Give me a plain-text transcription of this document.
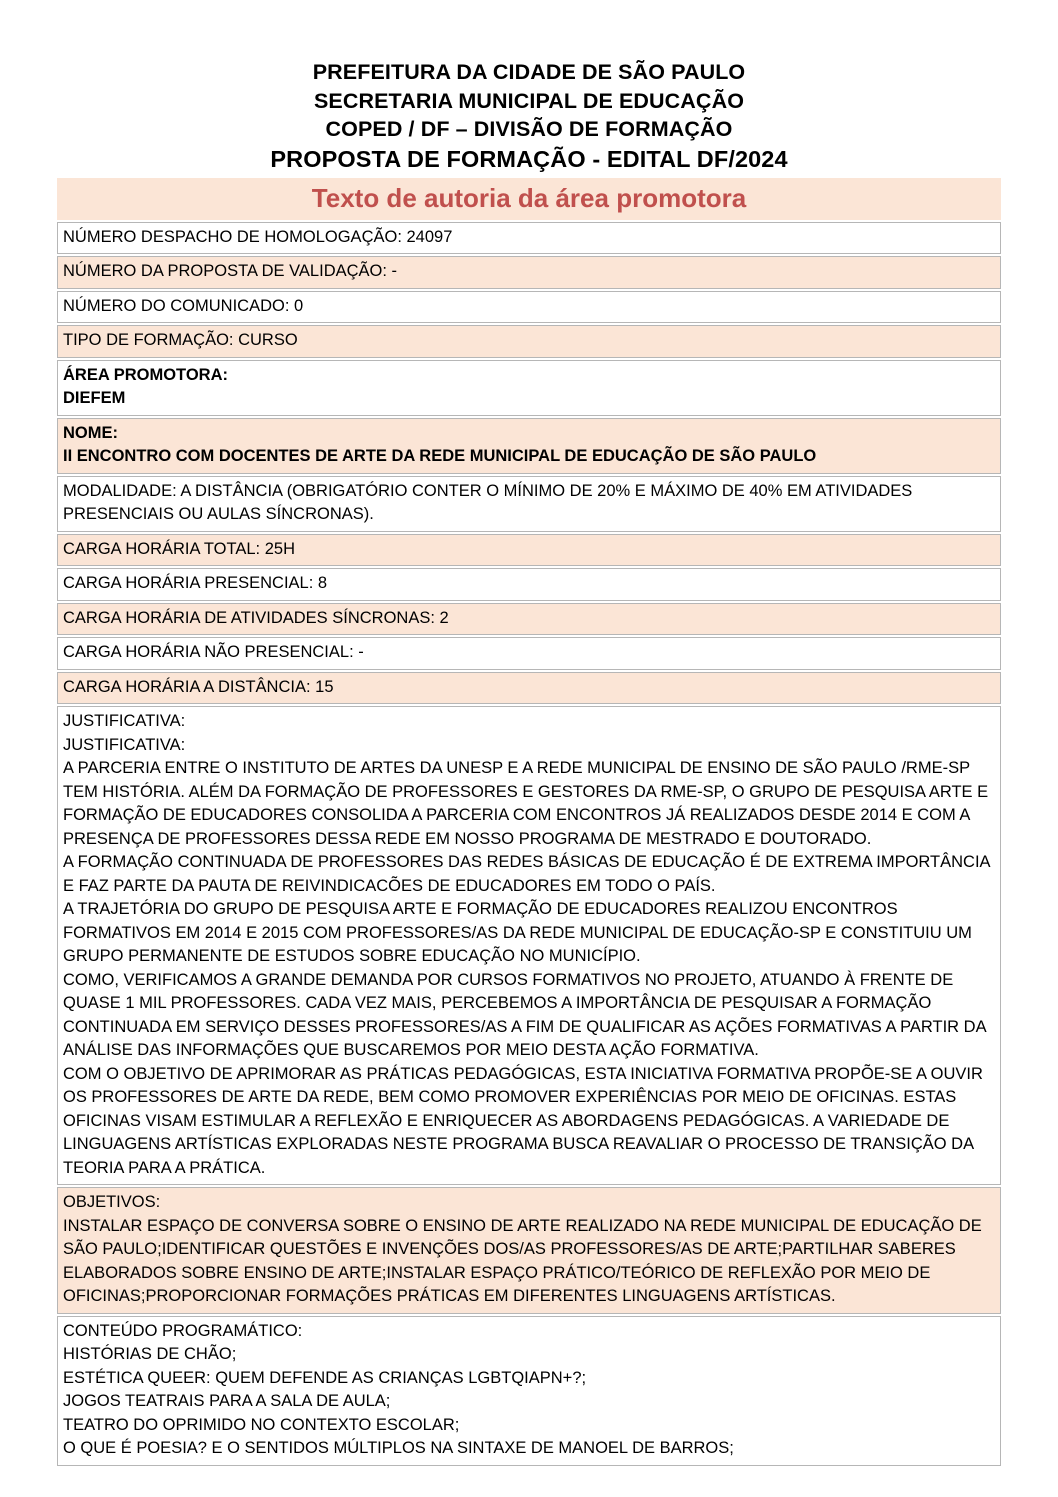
PREFEITURA DA CIDADE DE SÃO PAULO
SECRETARIA MUNICIPAL DE EDUCAÇÃO
COPED / DF – DIVISÃO DE FORMAÇÃO
PROPOSTA DE FORMAÇÃO - EDITAL DF/2024
Texto de autoria da área promotora
NÚMERO DESPACHO DE HOMOLOGAÇÃO: 24097
NÚMERO DA PROPOSTA DE VALIDAÇÃO: -
NÚMERO DO COMUNICADO: 0
TIPO DE FORMAÇÃO: CURSO

ÁREA PROMOTORA:
DIEFEM

NOME:
II ENCONTRO COM DOCENTES DE ARTE DA REDE MUNICIPAL DE EDUCAÇÃO DE SÃO PAULO

MODALIDADE: A DISTÂNCIA (OBRIGATÓRIO CONTER O MÍNIMO DE 20% E MÁXIMO DE 40% EM ATIVIDADES PRESENCIAIS OU AULAS SÍNCRONAS).
CARGA HORÁRIA TOTAL: 25H
CARGA HORÁRIA PRESENCIAL: 8
CARGA HORÁRIA DE ATIVIDADES SÍNCRONAS: 2
CARGA HORÁRIA NÃO PRESENCIAL: -
CARGA HORÁRIA A DISTÂNCIA: 15

JUSTIFICATIVA:
JUSTIFICATIVA:
A PARCERIA ENTRE O INSTITUTO DE ARTES DA UNESP E A REDE MUNICIPAL DE ENSINO DE SÃO PAULO /RME-SP TEM HISTÓRIA. ALÉM DA FORMAÇÃO DE PROFESSORES E GESTORES DA RME-SP, O GRUPO DE PESQUISA ARTE E FORMAÇÃO DE EDUCADORES CONSOLIDA A PARCERIA COM ENCONTROS JÁ REALIZADOS DESDE 2014 E COM A PRESENÇA DE PROFESSORES DESSA REDE EM NOSSO PROGRAMA DE MESTRADO E DOUTORADO.
A FORMAÇÃO CONTINUADA DE PROFESSORES DAS REDES BÁSICAS DE EDUCAÇÃO É DE EXTREMA IMPORTÂNCIA E FAZ PARTE DA PAUTA DE REIVINDICACÕES DE EDUCADORES EM TODO O PAÍS.
A TRAJETÓRIA DO GRUPO DE PESQUISA ARTE E FORMAÇÃO DE EDUCADORES REALIZOU ENCONTROS FORMATIVOS EM 2014 E 2015 COM PROFESSORES/AS DA REDE MUNICIPAL DE EDUCAÇÃO-SP E CONSTITUIU UM GRUPO PERMANENTE DE ESTUDOS SOBRE EDUCAÇÃO NO MUNICÍPIO.
COMO, VERIFICAMOS A GRANDE DEMANDA POR CURSOS FORMATIVOS NO PROJETO, ATUANDO À FRENTE DE QUASE 1 MIL PROFESSORES. CADA VEZ MAIS, PERCEBEMOS A IMPORTÂNCIA DE PESQUISAR A FORMAÇÃO CONTINUADA EM SERVIÇO DESSES PROFESSORES/AS A FIM DE QUALIFICAR AS AÇÕES FORMATIVAS A PARTIR DA ANÁLISE DAS INFORMAÇÕES QUE BUSCAREMOS POR MEIO DESTA AÇÃO FORMATIVA.
COM O OBJETIVO DE APRIMORAR AS PRÁTICAS PEDAGÓGICAS, ESTA INICIATIVA FORMATIVA PROPÕE-SE A OUVIR OS PROFESSORES DE ARTE DA REDE, BEM COMO PROMOVER EXPERIÊNCIAS POR MEIO DE OFICINAS. ESTAS OFICINAS VISAM ESTIMULAR A REFLEXÃO E ENRIQUECER AS ABORDAGENS PEDAGÓGICAS. A VARIEDADE DE LINGUAGENS ARTÍSTICAS EXPLORADAS NESTE PROGRAMA BUSCA REAVALIAR O PROCESSO DE TRANSIÇÃO DA TEORIA PARA A PRÁTICA.

OBJETIVOS:
INSTALAR ESPAÇO DE CONVERSA SOBRE O ENSINO DE ARTE REALIZADO NA REDE MUNICIPAL DE EDUCAÇÃO DE SÃO PAULO;IDENTIFICAR QUESTÕES E INVENÇÕES DOS/AS PROFESSORES/AS DE ARTE;PARTILHAR SABERES ELABORADOS SOBRE ENSINO DE ARTE;INSTALAR ESPAÇO PRÁTICO/TEÓRICO DE REFLEXÃO POR MEIO DE OFICINAS;PROPORCIONAR FORMAÇÕES PRÁTICAS EM DIFERENTES LINGUAGENS ARTÍSTICAS.

CONTEÚDO PROGRAMÁTICO:
HISTÓRIAS DE CHÃO;
ESTÉTICA QUEER: QUEM DEFENDE AS CRIANÇAS LGBTQIAPN+?;
JOGOS TEATRAIS PARA A SALA DE AULA;
TEATRO DO OPRIMIDO NO CONTEXTO ESCOLAR;
O QUE É POESIA? E O SENTIDOS MÚLTIPLOS NA SINTAXE DE MANOEL DE BARROS;
